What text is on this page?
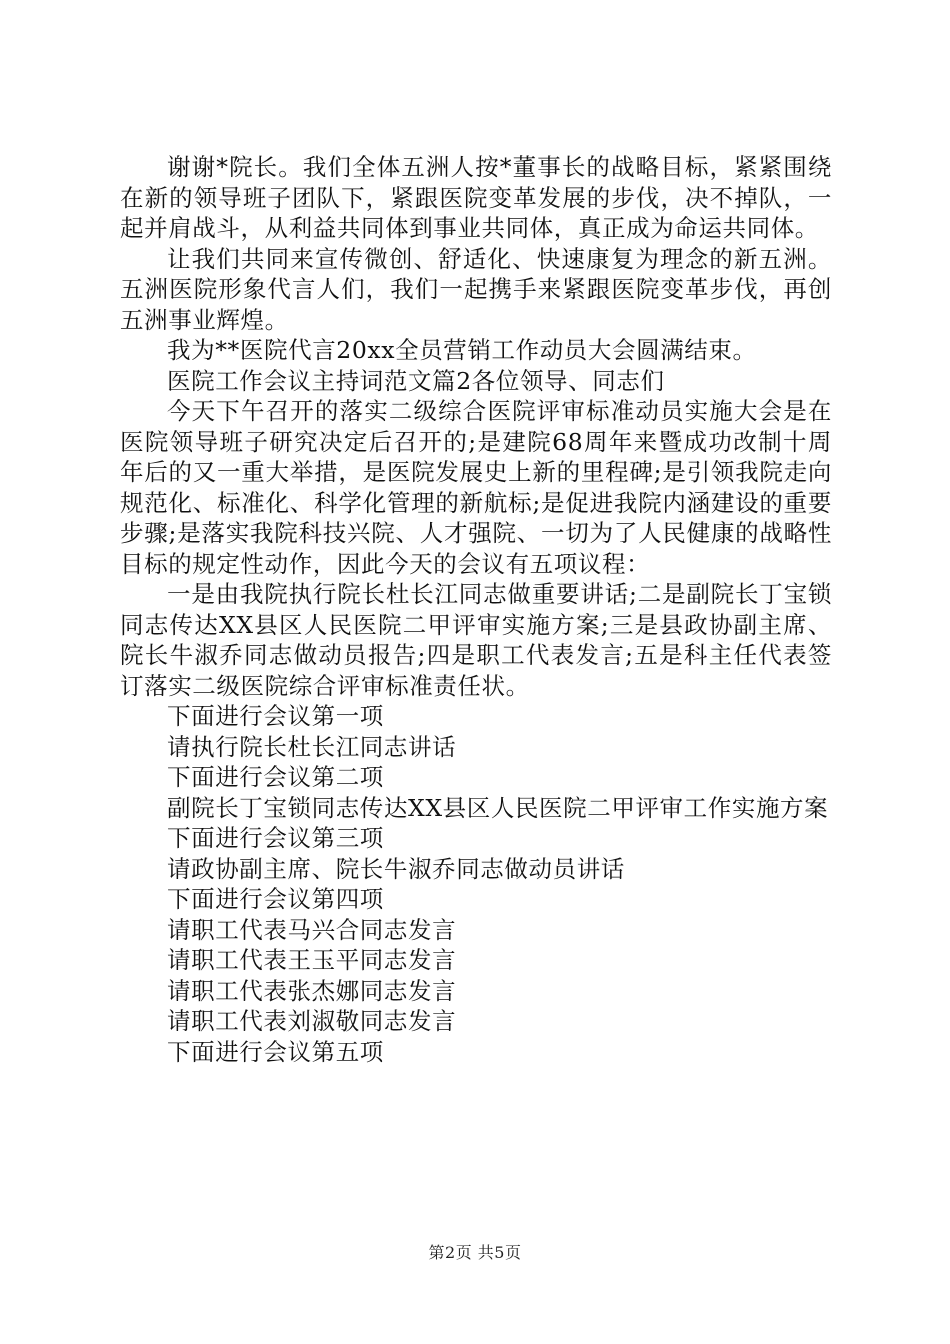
谢谢*院长。我们全体五洲人按*董事长的战略目标，紧紧围绕在新的领导班子团队下，紧跟医院变革发展的步伐，决不掉队，一起并肩战斗，从利益共同体到事业共同体，真正成为命运共同体。

让我们共同来宣传微创、舒适化、快速康复为理念的新五洲。五洲医院形象代言人们，我们一起携手来紧跟医院变革步伐，再创五洲事业辉煌。

我为**医院代言20xx全员营销工作动员大会圆满结束。

医院工作会议主持词范文篇2各位领导、同志们

今天下午召开的落实二级综合医院评审标准动员实施大会是在医院领导班子研究决定后召开的;是建院68周年来暨成功改制十周年后的又一重大举措，是医院发展史上新的里程碑;是引领我院走向规范化、标准化、科学化管理的新航标;是促进我院内涵建设的重要步骤;是落实我院科技兴院、人才强院、一切为了人民健康的战略性目标的规定性动作，因此今天的会议有五项议程：

一是由我院执行院长杜长江同志做重要讲话;二是副院长丁宝锁同志传达XX县区人民医院二甲评审实施方案;三是县政协副主席、院长牛淑乔同志做动员报告;四是职工代表发言;五是科主任代表签订落实二级医院综合评审标准责任状。

下面进行会议第一项

请执行院长杜长江同志讲话

下面进行会议第二项

副院长丁宝锁同志传达XX县区人民医院二甲评审工作实施方案

下面进行会议第三项

请政协副主席、院长牛淑乔同志做动员讲话

下面进行会议第四项

请职工代表马兴合同志发言

请职工代表王玉平同志发言

请职工代表张杰娜同志发言

请职工代表刘淑敬同志发言

下面进行会议第五项

第2页 共5页
